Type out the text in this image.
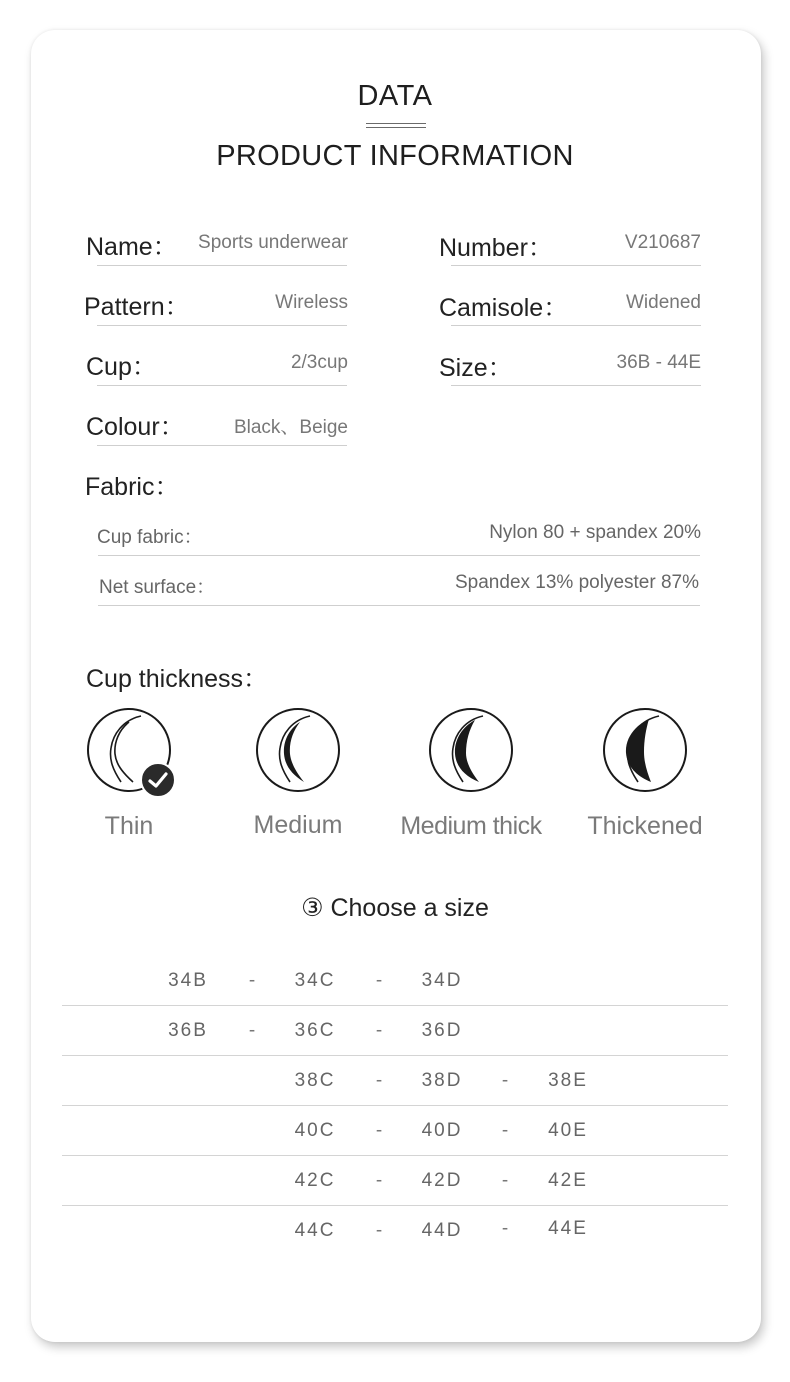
DATA
PRODUCT INFORMATION
Name：	Sports underwear
Pattern：	Wireless
Cup：	2/3cup
Colour：	Black、Beige
Number：	V210687
Camisole：	Widened
Size：	36B - 44E
Fabric：
Cup fabric：	Nylon 80 + spandex 20%
Net surface：	Spandex 13% polyester 87%
Cup thickness：
Thin	Medium	Medium thick	Thickened
③ Choose a size
34B	-	34C	-	34D
36B	-	36C	-	36D
38C	-	38D	-	38E
40C	-	40D	-	40E
42C	-	42D	-	42E
44C	-	44D	-	44E
